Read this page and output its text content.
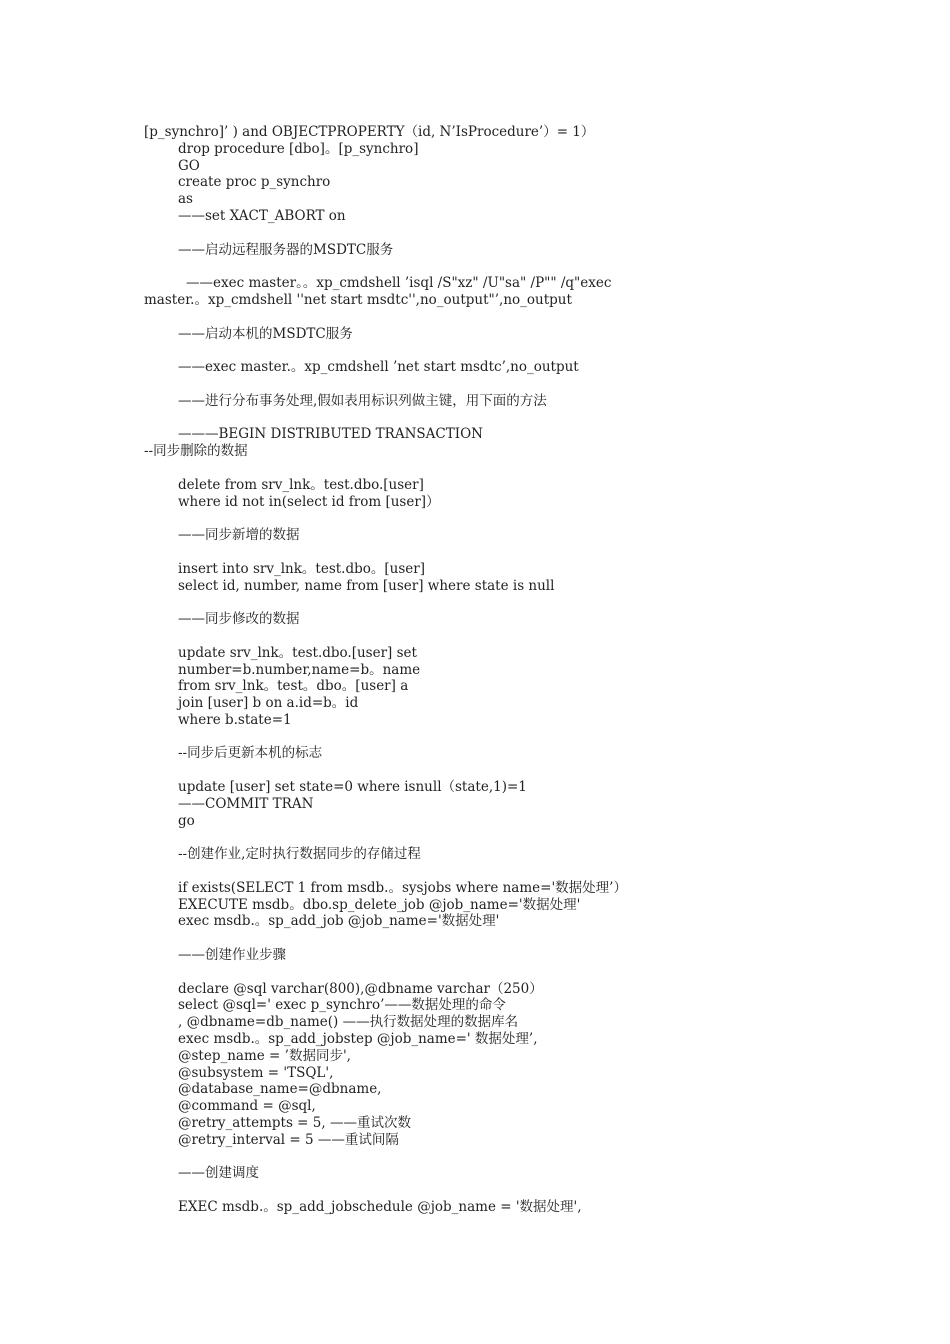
[p_synchro]’ ) and OBJECTPROPERTY（id, N’IsProcedure’）= 1）
drop procedure [dbo]。[p_synchro]
GO
create proc p_synchro
as
——set XACT_ABORT on
——启动远程服务器的MSDTC服务
——exec master。。xp_cmdshell ’isql /S"xz" /U"sa" /P"" /q"exec
master.。xp_cmdshell ''net start msdtc'',no_output"’,no_output
——启动本机的MSDTC服务
——exec master.。xp_cmdshell ’net start msdtc’,no_output
——进行分布事务处理,假如表用标识列做主键，用下面的方法
———BEGIN DISTRIBUTED TRANSACTION
--同步删除的数据
delete from srv_lnk。test.dbo.[user]
where id not in(select id from [user]）
——同步新增的数据
insert into srv_lnk。test.dbo。[user]
select id, number, name from [user] where state is null
——同步修改的数据
update srv_lnk。test.dbo.[user] set
number=b.number,name=b。name
from srv_lnk。test。dbo。[user] a
join [user] b on a.id=b。id
where b.state=1
--同步后更新本机的标志
update [user] set state=0 where isnull（state,1)=1
——COMMIT TRAN
go
--创建作业,定时执行数据同步的存储过程
if exists(SELECT 1 from msdb.。sysjobs where name='数据处理’）
EXECUTE msdb。dbo.sp_delete_job @job_name='数据处理'
exec msdb.。sp_add_job @job_name='数据处理'
——创建作业步骤
declare @sql varchar(800),@dbname varchar（250）
select @sql=' exec p_synchro’——数据处理的命令
, @dbname=db_name() ——执行数据处理的数据库名
exec msdb.。sp_add_jobstep @job_name=' 数据处理’,
@step_name = ’数据同步',
@subsystem = 'TSQL',
@database_name=@dbname,
@command = @sql,
@retry_attempts = 5, ——重试次数
@retry_interval = 5 ——重试间隔
——创建调度
EXEC msdb.。sp_add_jobschedule @job_name = '数据处理',
